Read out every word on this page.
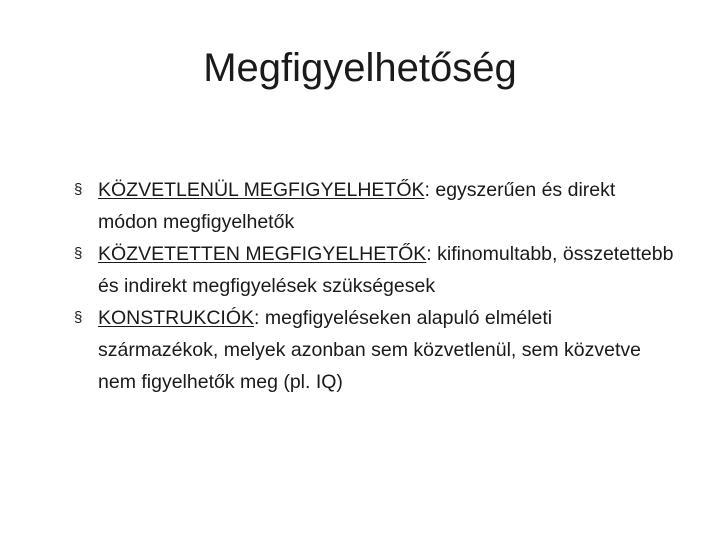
Megfigyelhetőség
§ KÖZVETLENÜL MEGFIGYELHETŐK: egyszerűen és direkt módon megfigyelhetők
§ KÖZVETETTEN MEGFIGYELHETŐK: kifinomultabb, összetettebb és indirekt megfigyelések szükségesek
§ KONSTRUKCIÓK: megfigyeléseken alapuló elméleti származékok, melyek azonban sem közvetlenül, sem közvetve nem figyelhetők meg (pl. IQ)
